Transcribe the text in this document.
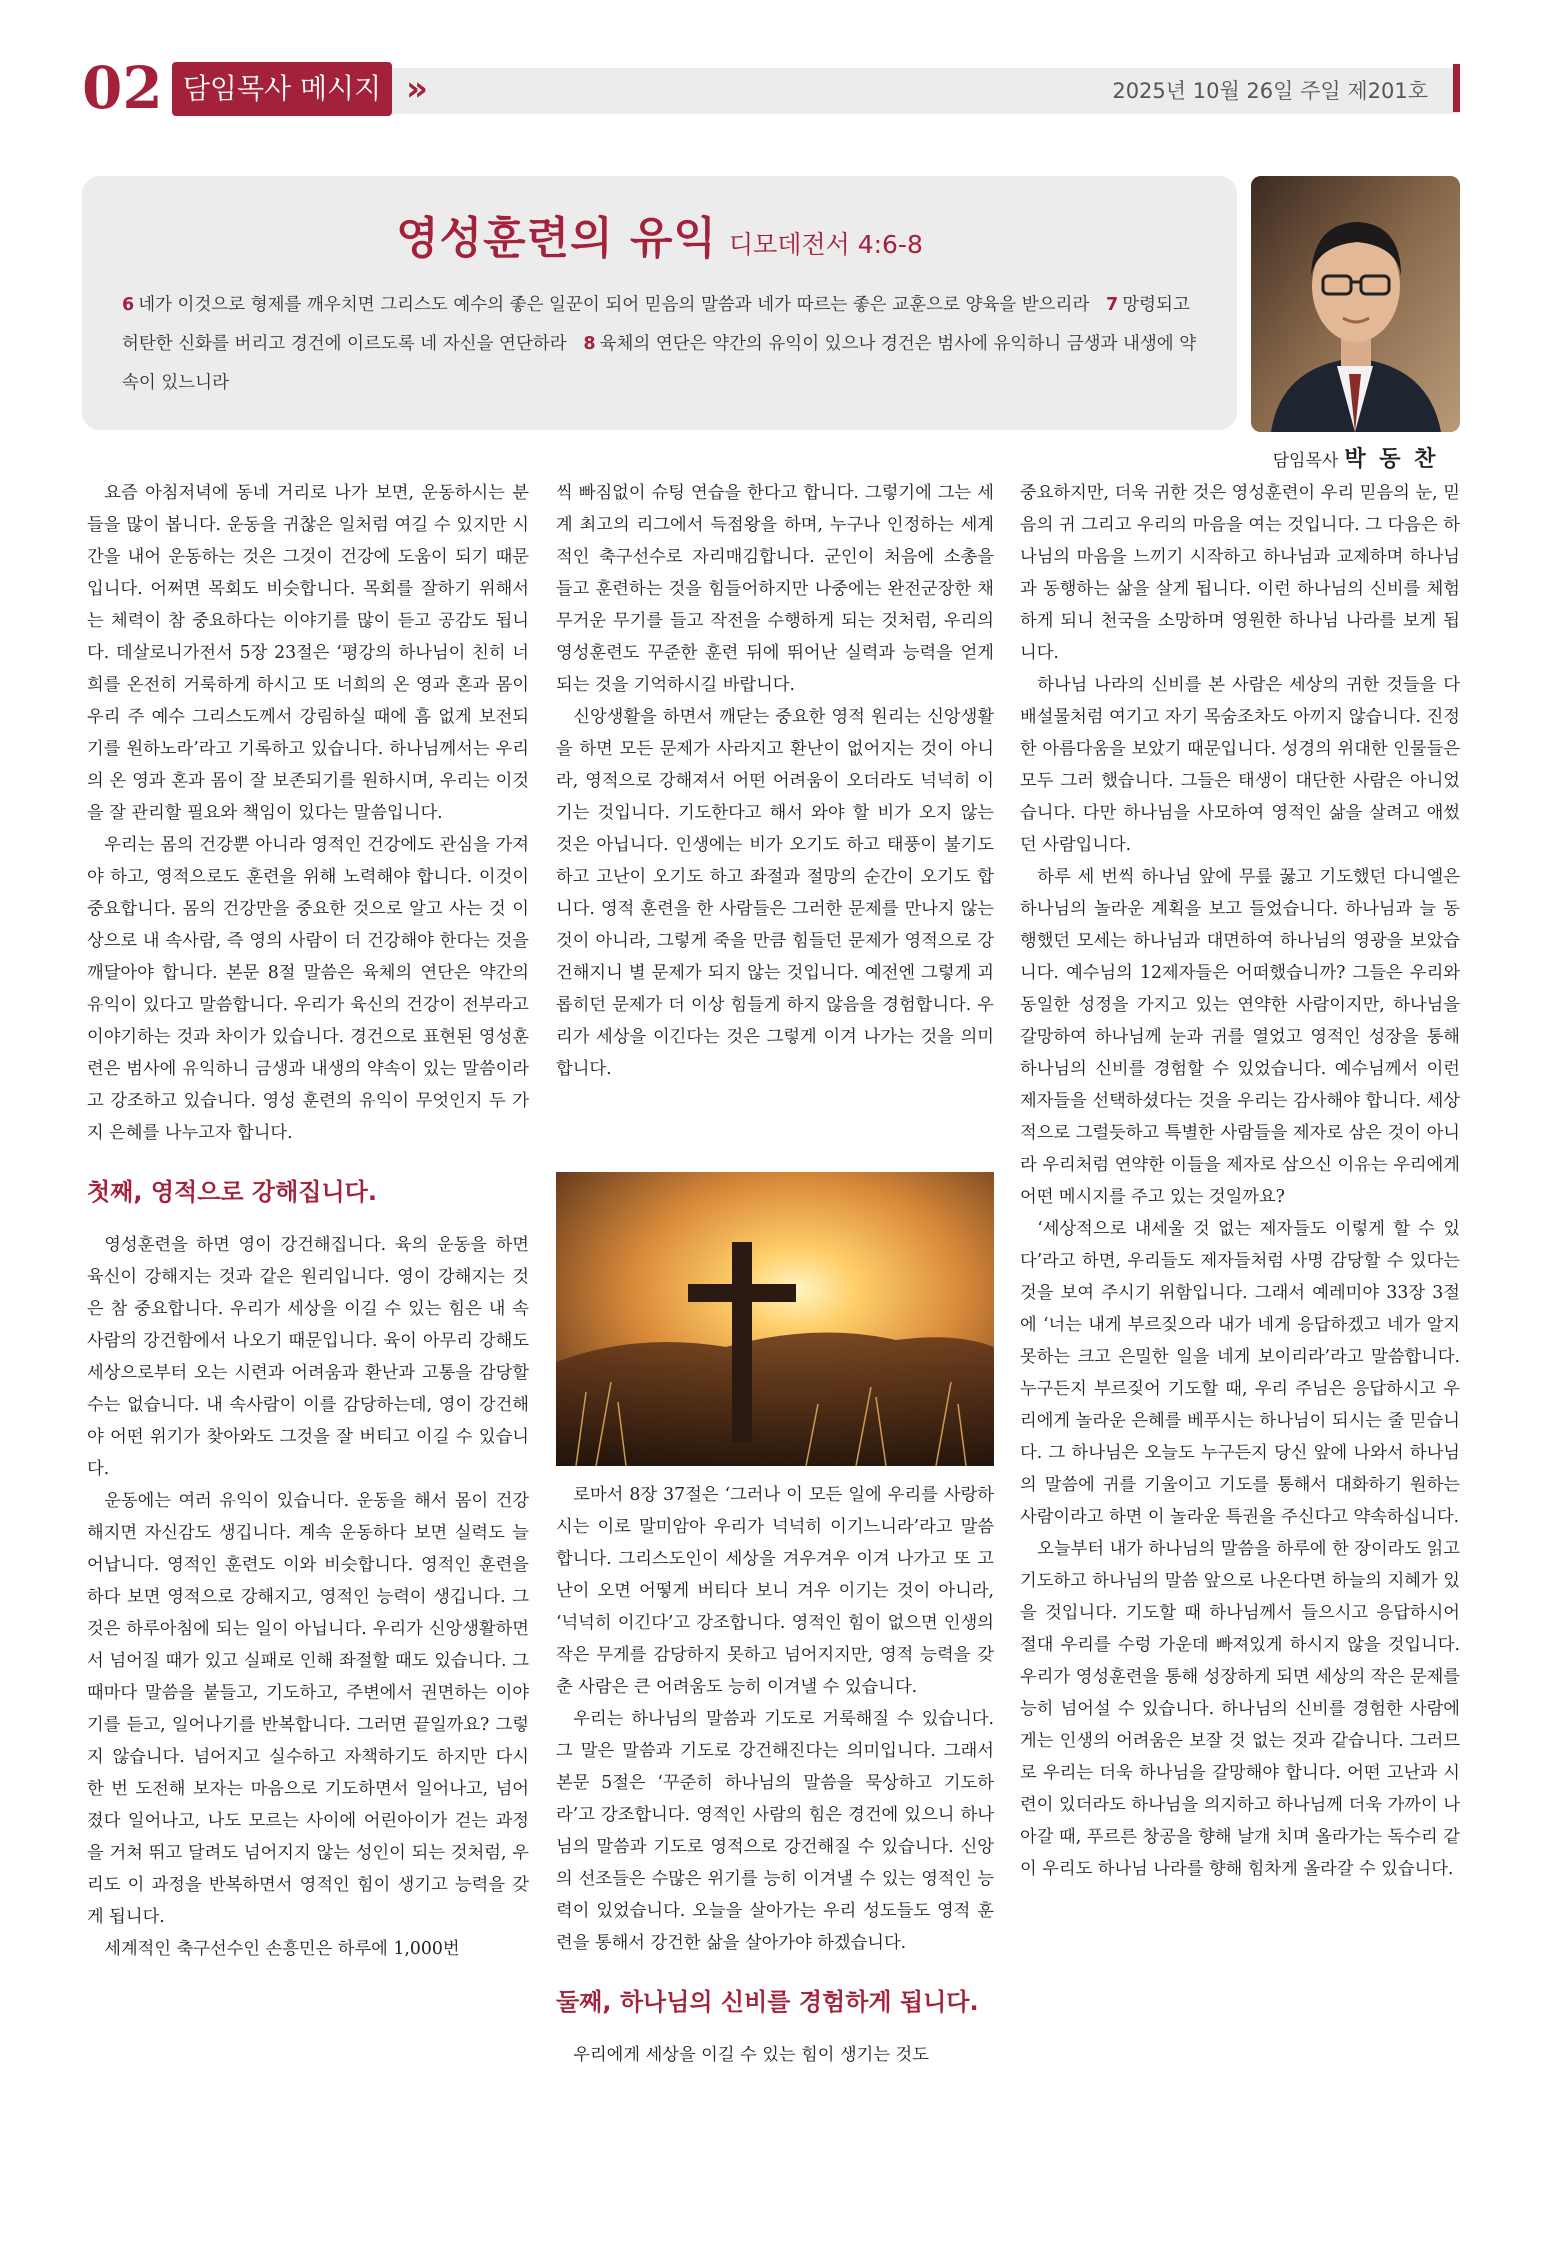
02 담임목사 메시지 »	2025년 10월 26일 주일 제201호
영성훈련의 유익 디모데전서 4:6-8
6 네가 이것으로 형제를 깨우치면 그리스도 예수의 좋은 일꾼이 되어 믿음의 말씀과 네가 따르는 좋은 교훈으로 양육을 받으리라 7 망령되고 허탄한 신화를 버리고 경건에 이르도록 네 자신을 연단하라 8 육체의 연단은 약간의 유익이 있으나 경건은 범사에 유익하니 금생과 내생에 약속이 있느니라
담임목사 박 동 찬

요즘 아침저녁에 동네 거리로 나가 보면, 운동하시는 분들을 많이 봅니다. 운동을 귀찮은 일처럼 여길 수 있지만 시간을 내어 운동하는 것은 그것이 건강에 도움이 되기 때문입니다. 어쩌면 목회도 비슷합니다. 목회를 잘하기 위해서는 체력이 참 중요하다는 이야기를 많이 듣고 공감도 됩니다. 데살로니가전서 5장 23절은 ‘평강의 하나님이 친히 너희를 온전히 거룩하게 하시고 또 너희의 온 영과 혼과 몸이 우리 주 예수 그리스도께서 강림하실 때에 흠 없게 보전되기를 원하노라’라고 기록하고 있습니다. 하나님께서는 우리의 온 영과 혼과 몸이 잘 보존되기를 원하시며, 우리는 이것을 잘 관리할 필요와 책임이 있다는 말씀입니다.

우리는 몸의 건강뿐 아니라 영적인 건강에도 관심을 가져야 하고, 영적으로도 훈련을 위해 노력해야 합니다. 이것이 중요합니다. 몸의 건강만을 중요한 것으로 알고 사는 것 이상으로 내 속사람, 즉 영의 사람이 더 건강해야 한다는 것을 깨달아야 합니다. 본문 8절 말씀은 육체의 연단은 약간의 유익이 있다고 말씀합니다. 우리가 육신의 건강이 전부라고 이야기하는 것과 차이가 있습니다. 경건으로 표현된 영성훈련은 범사에 유익하니 금생과 내생의 약속이 있는 말씀이라고 강조하고 있습니다. 영성 훈련의 유익이 무엇인지 두 가지 은혜를 나누고자 합니다.

첫째, 영적으로 강해집니다.

영성훈련을 하면 영이 강건해집니다. 육의 운동을 하면 육신이 강해지는 것과 같은 원리입니다. 영이 강해지는 것은 참 중요합니다. 우리가 세상을 이길 수 있는 힘은 내 속사람의 강건함에서 나오기 때문입니다. 육이 아무리 강해도 세상으로부터 오는 시련과 어려움과 환난과 고통을 감당할 수는 없습니다. 내 속사람이 이를 감당하는데, 영이 강건해야 어떤 위기가 찾아와도 그것을 잘 버티고 이길 수 있습니다.

운동에는 여러 유익이 있습니다. 운동을 해서 몸이 건강해지면 자신감도 생깁니다. 계속 운동하다 보면 실력도 늘어납니다. 영적인 훈련도 이와 비슷합니다. 영적인 훈련을 하다 보면 영적으로 강해지고, 영적인 능력이 생깁니다. 그것은 하루아침에 되는 일이 아닙니다. 우리가 신앙생활하면서 넘어질 때가 있고 실패로 인해 좌절할 때도 있습니다. 그때마다 말씀을 붙들고, 기도하고, 주변에서 권면하는 이야기를 듣고, 일어나기를 반복합니다. 그러면 끝일까요? 그렇지 않습니다. 넘어지고 실수하고 자책하기도 하지만 다시 한 번 도전해 보자는 마음으로 기도하면서 일어나고, 넘어졌다 일어나고, 나도 모르는 사이에 어린아이가 걷는 과정을 거쳐 뛰고 달려도 넘어지지 않는 성인이 되는 것처럼, 우리도 이 과정을 반복하면서 영적인 힘이 생기고 능력을 갖게 됩니다.

세계적인 축구선수인 손흥민은 하루에 1,000번

씩 빠짐없이 슈팅 연습을 한다고 합니다. 그렇기에 그는 세계 최고의 리그에서 득점왕을 하며, 누구나 인정하는 세계적인 축구선수로 자리매김합니다. 군인이 처음에 소총을 들고 훈련하는 것을 힘들어하지만 나중에는 완전군장한 채 무거운 무기를 들고 작전을 수행하게 되는 것처럼, 우리의 영성훈련도 꾸준한 훈련 뒤에 뛰어난 실력과 능력을 얻게 되는 것을 기억하시길 바랍니다.

신앙생활을 하면서 깨닫는 중요한 영적 원리는 신앙생활을 하면 모든 문제가 사라지고 환난이 없어지는 것이 아니라, 영적으로 강해져서 어떤 어려움이 오더라도 넉넉히 이기는 것입니다. 기도한다고 해서 와야 할 비가 오지 않는 것은 아닙니다. 인생에는 비가 오기도 하고 태풍이 불기도 하고 고난이 오기도 하고 좌절과 절망의 순간이 오기도 합니다. 영적 훈련을 한 사람들은 그러한 문제를 만나지 않는 것이 아니라, 그렇게 죽을 만큼 힘들던 문제가 영적으로 강건해지니 별 문제가 되지 않는 것입니다. 예전엔 그렇게 괴롭히던 문제가 더 이상 힘들게 하지 않음을 경험합니다. 우리가 세상을 이긴다는 것은 그렇게 이겨 나가는 것을 의미합니다.

로마서 8장 37절은 ‘그러나 이 모든 일에 우리를 사랑하시는 이로 말미암아 우리가 넉넉히 이기느니라’라고 말씀합니다. 그리스도인이 세상을 겨우겨우 이겨 나가고 또 고난이 오면 어떻게 버티다 보니 겨우 이기는 것이 아니라, ‘넉넉히 이긴다’고 강조합니다. 영적인 힘이 없으면 인생의 작은 무게를 감당하지 못하고 넘어지지만, 영적 능력을 갖춘 사람은 큰 어려움도 능히 이겨낼 수 있습니다.

우리는 하나님의 말씀과 기도로 거룩해질 수 있습니다. 그 말은 말씀과 기도로 강건해진다는 의미입니다. 그래서 본문 5절은 ‘꾸준히 하나님의 말씀을 묵상하고 기도하라’고 강조합니다. 영적인 사람의 힘은 경건에 있으니 하나님의 말씀과 기도로 영적으로 강건해질 수 있습니다. 신앙의 선조들은 수많은 위기를 능히 이겨낼 수 있는 영적인 능력이 있었습니다. 오늘을 살아가는 우리 성도들도 영적 훈련을 통해서 강건한 삶을 살아가야 하겠습니다.

둘째, 하나님의 신비를 경험하게 됩니다.

우리에게 세상을 이길 수 있는 힘이 생기는 것도

중요하지만, 더욱 귀한 것은 영성훈련이 우리 믿음의 눈, 믿음의 귀 그리고 우리의 마음을 여는 것입니다. 그 다음은 하나님의 마음을 느끼기 시작하고 하나님과 교제하며 하나님과 동행하는 삶을 살게 됩니다. 이런 하나님의 신비를 체험하게 되니 천국을 소망하며 영원한 하나님 나라를 보게 됩니다.

하나님 나라의 신비를 본 사람은 세상의 귀한 것들을 다 배설물처럼 여기고 자기 목숨조차도 아끼지 않습니다. 진정한 아름다움을 보았기 때문입니다. 성경의 위대한 인물들은 모두 그러 했습니다. 그들은 태생이 대단한 사람은 아니었습니다. 다만 하나님을 사모하여 영적인 삶을 살려고 애썼던 사람입니다.

하루 세 번씩 하나님 앞에 무릎 꿇고 기도했던 다니엘은 하나님의 놀라운 계획을 보고 들었습니다. 하나님과 늘 동행했던 모세는 하나님과 대면하여 하나님의 영광을 보았습니다. 예수님의 12제자들은 어떠했습니까? 그들은 우리와 동일한 성정을 가지고 있는 연약한 사람이지만, 하나님을 갈망하여 하나님께 눈과 귀를 열었고 영적인 성장을 통해 하나님의 신비를 경험할 수 있었습니다. 예수님께서 이런 제자들을 선택하셨다는 것을 우리는 감사해야 합니다. 세상적으로 그럴듯하고 특별한 사람들을 제자로 삼은 것이 아니라 우리처럼 연약한 이들을 제자로 삼으신 이유는 우리에게 어떤 메시지를 주고 있는 것일까요?

‘세상적으로 내세울 것 없는 제자들도 이렇게 할 수 있다’라고 하면, 우리들도 제자들처럼 사명 감당할 수 있다는 것을 보여 주시기 위함입니다. 그래서 예레미야 33장 3절에 ‘너는 내게 부르짖으라 내가 네게 응답하겠고 네가 알지 못하는 크고 은밀한 일을 네게 보이리라’라고 말씀합니다. 누구든지 부르짖어 기도할 때, 우리 주님은 응답하시고 우리에게 놀라운 은혜를 베푸시는 하나님이 되시는 줄 믿습니다. 그 하나님은 오늘도 누구든지 당신 앞에 나와서 하나님의 말씀에 귀를 기울이고 기도를 통해서 대화하기 원하는 사람이라고 하면 이 놀라운 특권을 주신다고 약속하십니다.

오늘부터 내가 하나님의 말씀을 하루에 한 장이라도 읽고 기도하고 하나님의 말씀 앞으로 나온다면 하늘의 지혜가 있을 것입니다. 기도할 때 하나님께서 들으시고 응답하시어 절대 우리를 수렁 가운데 빠져있게 하시지 않을 것입니다. 우리가 영성훈련을 통해 성장하게 되면 세상의 작은 문제를 능히 넘어설 수 있습니다. 하나님의 신비를 경험한 사람에게는 인생의 어려움은 보잘 것 없는 것과 같습니다. 그러므로 우리는 더욱 하나님을 갈망해야 합니다. 어떤 고난과 시련이 있더라도 하나님을 의지하고 하나님께 더욱 가까이 나아갈 때, 푸르른 창공을 향해 날개 치며 올라가는 독수리 같이 우리도 하나님 나라를 향해 힘차게 올라갈 수 있습니다.
